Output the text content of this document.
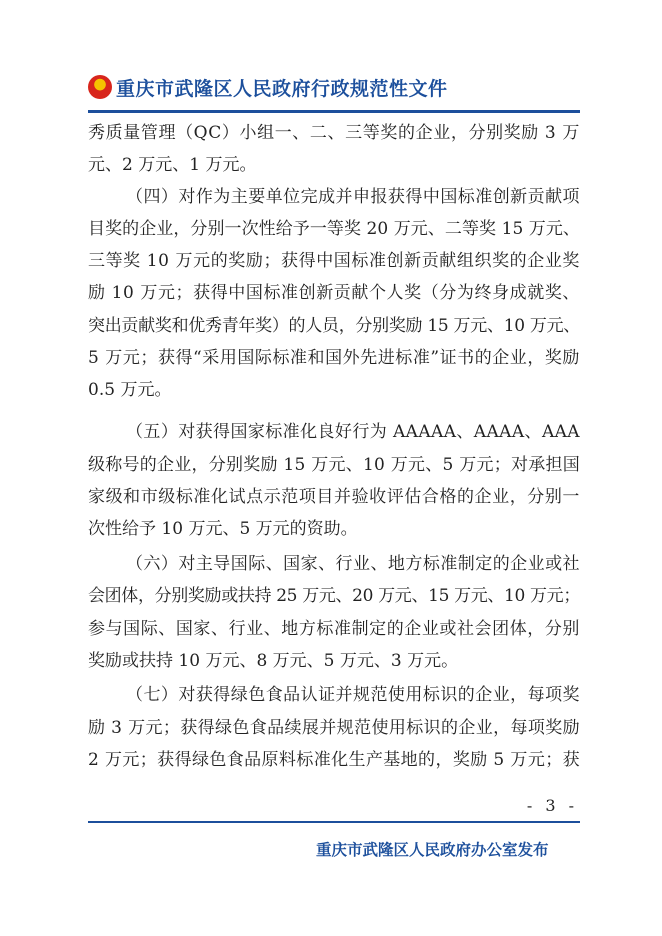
重庆市武隆区人民政府行政规范性文件
秀质量管理（QC）小组一、二、三等奖的企业，分别奖励 3 万
元、2 万元、1 万元。
（四）对作为主要单位完成并申报获得中国标准创新贡献项
目奖的企业，分别一次性给予一等奖 20 万元、二等奖 15 万元、
三等奖 10 万元的奖励；获得中国标准创新贡献组织奖的企业奖
励 10 万元；获得中国标准创新贡献个人奖（分为终身成就奖、
突出贡献奖和优秀青年奖）的人员，分别奖励 15 万元、10 万元、
5 万元；获得“采用国际标准和国外先进标准”证书的企业，奖励
0.5 万元。
（五）对获得国家标准化良好行为 AAAAA、AAAA、AAA
级称号的企业，分别奖励 15 万元、10 万元、5 万元；对承担国
家级和市级标准化试点示范项目并验收评估合格的企业，分别一
次性给予 10 万元、5 万元的资助。
（六）对主导国际、国家、行业、地方标准制定的企业或社
会团体，分别奖励或扶持 25 万元、20 万元、15 万元、10 万元；
参与国际、国家、行业、地方标准制定的企业或社会团体，分别
奖励或扶持 10 万元、8 万元、5 万元、3 万元。
（七）对获得绿色食品认证并规范使用标识的企业，每项奖
励 3 万元；获得绿色食品续展并规范使用标识的企业，每项奖励
2 万元；获得绿色食品原料标准化生产基地的，奖励 5 万元；获
- 3 -
重庆市武隆区人民政府办公室发布
